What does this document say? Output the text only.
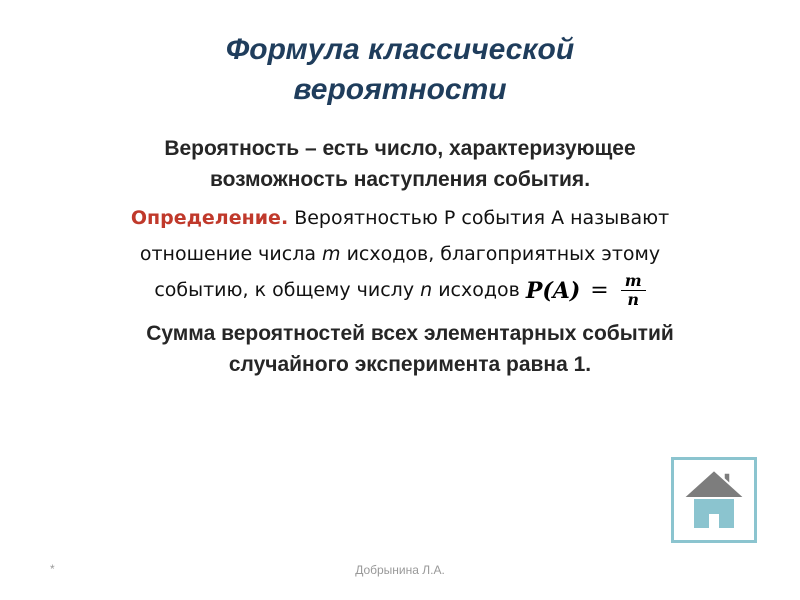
Формула классической
вероятности
Вероятность – есть число, характеризующее
возможность наступления события.
Определение. Вероятностью Р события А называют
отношение числа m исходов, благоприятных этому
событию, к общему числу n исходов $P(A) = \frac{m}{n}$
Сумма вероятностей всех элементарных событий
случайного эксперимента равна 1.
*	Добрынина Л.А.
